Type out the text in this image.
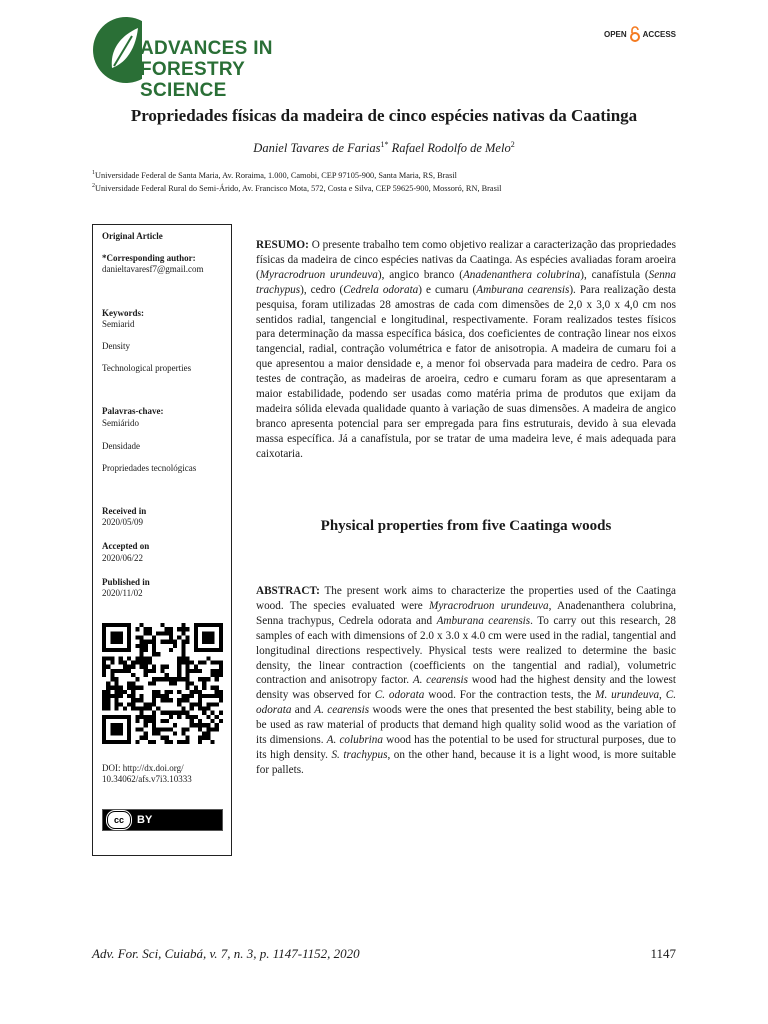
ADVANCES IN
FORESTRY SCIENCE
OPEN ACCESS
Propriedades físicas da madeira de cinco espécies nativas da Caatinga
Daniel Tavares de Farias$^{1*}$ Rafael Rodolfo de Melo$^2$
$^1$Universidade Federal de Santa Maria, Av. Roraima, 1.000, Camobi, CEP 97105-900, Santa Maria, RS, Brasil
$^2$Universidade Federal Rural do Semi-Árido, Av. Francisco Mota, 572, Costa e Silva, CEP 59625-900, Mossoró, RN, Brasil
Original Article
*Corresponding author:
danieltavaresf7@gmail.com
Keywords:
Semiarid
Density
Technological properties
Palavras-chave:
Semiárido
Densidade
Propriedades tecnológicas
Received in
2020/05/09
Accepted on
2020/06/22
Published in
2020/11/02
DOI: http://dx.doi.org/
10.34062/afs.v7i3.10333
cc	BY
RESUMO: O presente trabalho tem como objetivo realizar a caracterização das propriedades físicas da madeira de cinco espécies nativas da Caatinga. As espécies avaliadas foram aroeira (Myracrodruon urundeuva), angico branco (Anadenanthera colubrina), canafístula (Senna trachypus), cedro (Cedrela odorata) e cumaru (Amburana cearensis). Para realização desta pesquisa, foram utilizadas 28 amostras de cada com dimensões de 2,0 x 3,0 x 4,0 cm nos sentidos radial, tangencial e longitudinal, respectivamente. Foram realizados testes físicos para determinação da massa específica básica, dos coeficientes de contração linear nos eixos tangencial, radial, contração volumétrica e fator de anisotropia. A madeira de cumaru foi a que apresentou a maior densidade e, a menor foi observada para madeira de cedro. Para os testes de contração, as madeiras de aroeira, cedro e cumaru foram as que apresentaram a maior estabilidade, podendo ser usadas como matéria prima de produtos que exijam da madeira sólida elevada qualidade quanto à variação de suas dimensões. A madeira de angico branco apresenta potencial para ser empregada para fins estruturais, devido à sua elevada massa específica. Já a canafístula, por se tratar de uma madeira leve, é mais adequada para caixotaria.
Physical properties from five Caatinga woods
ABSTRACT: The present work aims to characterize the properties used of the Caatinga wood. The species evaluated were Myracrodruon urundeuva, Anadenanthera colubrina, Senna trachypus, Cedrela odorata and Amburana cearensis. To carry out this research, 28 samples of each with dimensions of 2.0 x 3.0 x 4.0 cm were used in the radial, tangential and longitudinal directions respectively. Physical tests were realized to determine the basic density, the linear contraction (coefficients on the tangential and radial), volumetric contraction and anisotropy factor. A. cearensis wood had the highest density and the lowest density was observed for C. odorata wood. For the contraction tests, the M. urundeuva, C. odorata and A. cearensis woods were the ones that presented the best stability, being able to be used as raw material of products that demand high quality solid wood as the variation of its dimensions. A. colubrina wood has the potential to be used for structural purposes, due to its high density. S. trachypus, on the other hand, because it is a light wood, is more suitable for pallets.
Adv. For. Sci, Cuiabá, v. 7, n. 3, p. 1147-1152, 2020	1147
